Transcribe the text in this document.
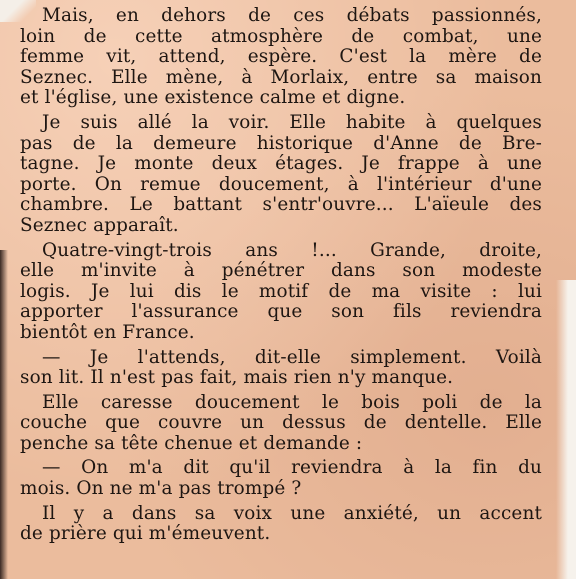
Mais, en dehors de ces débats passionnés,
loin de cette atmosphère de combat, une
femme vit, attend, espère. C'est la mère de
Seznec. Elle mène, à Morlaix, entre sa maison
et l'église, une existence calme et digne.
Je suis allé la voir. Elle habite à quelques
pas de la demeure historique d'Anne de Bre-
tagne. Je monte deux étages. Je frappe à une
porte. On remue doucement, à l'intérieur d'une
chambre. Le battant s'entr'ouvre... L'aïeule des
Seznec apparaît.
Quatre-vingt-trois ans !... Grande, droite,
elle m'invite à pénétrer dans son modeste
logis. Je lui dis le motif de ma visite : lui
apporter l'assurance que son fils reviendra
bientôt en France.
— Je l'attends, dit-elle simplement. Voilà
son lit. Il n'est pas fait, mais rien n'y manque.
Elle caresse doucement le bois poli de la
couche que couvre un dessus de dentelle. Elle
penche sa tête chenue et demande :
— On m'a dit qu'il reviendra à la fin du
mois. On ne m'a pas trompé ?
Il y a dans sa voix une anxiété, un accent
de prière qui m'émeuvent.
